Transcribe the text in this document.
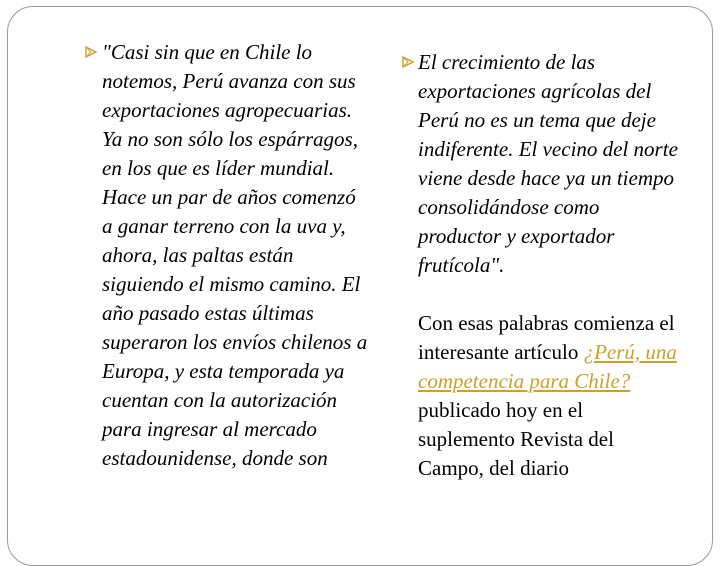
"Casi sin que en Chile lo notemos, Perú avanza con sus exportaciones agropecuarias. Ya no son sólo los espárragos, en los que es líder mundial. Hace un par de años comenzó a ganar terreno con la uva y, ahora, las paltas están siguiendo el mismo camino. El año pasado estas últimas superaron los envíos chilenos a Europa, y esta temporada ya cuentan con la autorización para ingresar al mercado estadounidense, donde son

El crecimiento de las exportaciones agrícolas del Perú no es un tema que deje indiferente. El vecino del norte viene desde hace ya un tiempo consolidándose como productor y exportador frutícola".

Con esas palabras comienza el interesante artículo ¿Perú, una competencia para Chile? publicado hoy en el suplemento Revista del Campo, del diario
